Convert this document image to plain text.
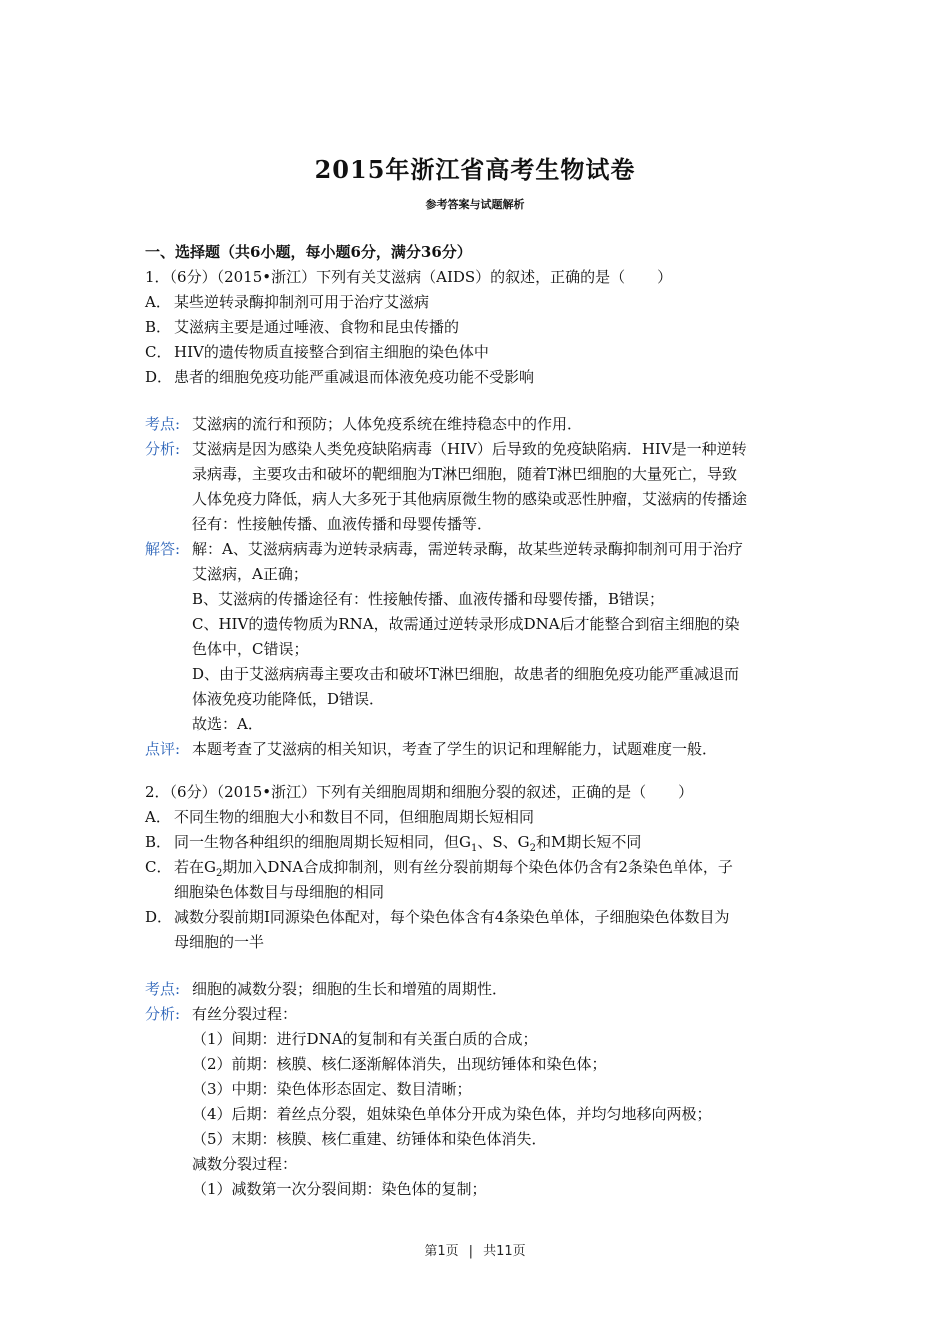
2015年浙江省高考生物试卷
参考答案与试题解析
一、选择题（共6小题，每小题6分，满分36分）
1．（6分）（2015•浙江）下列有关艾滋病（AIDS）的叙述，正确的是（ ）
A． 某些逆转录酶抑制剂可用于治疗艾滋病
B． 艾滋病主要是通过唾液、食物和昆虫传播的
C． HIV的遗传物质直接整合到宿主细胞的染色体中
D． 患者的细胞免疫功能严重减退而体液免疫功能不受影响
考点: 艾滋病的流行和预防；人体免疫系统在维持稳态中的作用．
分析: 艾滋病是因为感染人类免疫缺陷病毒（HIV）后导致的免疫缺陷病．HIV是一种逆转
录病毒，主要攻击和破坏的靶细胞为T淋巴细胞，随着T淋巴细胞的大量死亡，导致
人体免疫力降低，病人大多死于其他病原微生物的感染或恶性肿瘤，艾滋病的传播途
径有：性接触传播、血液传播和母婴传播等．
解答: 解：A、艾滋病病毒为逆转录病毒，需逆转录酶，故某些逆转录酶抑制剂可用于治疗
艾滋病，A正确；
B、艾滋病的传播途径有：性接触传播、血液传播和母婴传播，B错误；
C、HIV的遗传物质为RNA，故需通过逆转录形成DNA后才能整合到宿主细胞的染
色体中，C错误；
D、由于艾滋病病毒主要攻击和破坏T淋巴细胞，故患者的细胞免疫功能严重减退而
体液免疫功能降低，D错误．
故选：A．
点评: 本题考查了艾滋病的相关知识，考查了学生的识记和理解能力，试题难度一般．
2．（6分）（2015•浙江）下列有关细胞周期和细胞分裂的叙述，正确的是（ ）
A． 不同生物的细胞大小和数目不同，但细胞周期长短相同
B． 同一生物各种组织的细胞周期长短相同，但$G_1$、S、$G_2$和M期长短不同
C． 若在$G_2$期加入DNA合成抑制剂，则有丝分裂前期每个染色体仍含有2条染色单体，子
细胞染色体数目与母细胞的相同
D． 减数分裂前期I同源染色体配对，每个染色体含有4条染色单体，子细胞染色体数目为
母细胞的一半
考点: 细胞的减数分裂；细胞的生长和增殖的周期性．
分析: 有丝分裂过程：
（1）间期：进行DNA的复制和有关蛋白质的合成；
（2）前期：核膜、核仁逐渐解体消失，出现纺锤体和染色体；
（3）中期：染色体形态固定、数目清晰；
（4）后期：着丝点分裂，姐妹染色单体分开成为染色体，并均匀地移向两极；
（5）末期：核膜、核仁重建、纺锤体和染色体消失．
减数分裂过程：
（1）减数第一次分裂间期：染色体的复制；
第1页 | 共11页
